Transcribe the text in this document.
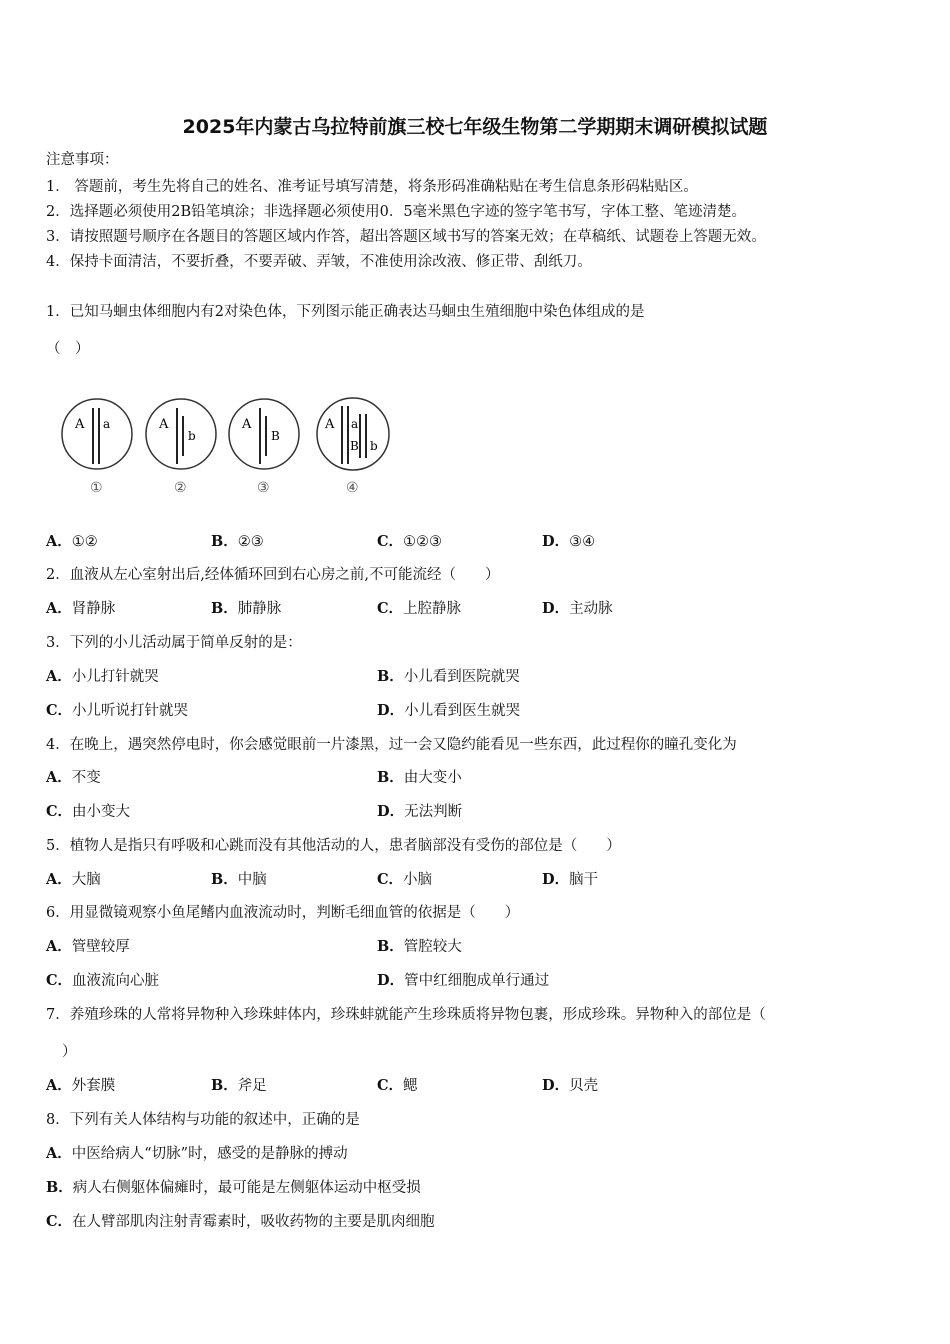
2025年内蒙古乌拉特前旗三校七年级生物第二学期期末调研模拟试题
注意事项：
1． 答题前，考生先将自己的姓名、准考证号填写清楚，将条形码准确粘贴在考生信息条形码粘贴区。
2．选择题必须使用2B铅笔填涂；非选择题必须使用0．5毫米黑色字迹的签字笔书写，字体工整、笔迹清楚。
3．请按照题号顺序在各题目的答题区域内作答，超出答题区域书写的答案无效；在草稿纸、试题卷上答题无效。
4．保持卡面清洁，不要折叠，不要弄破、弄皱，不准使用涂改液、修正带、刮纸刀。
1．已知马蛔虫体细胞内有2对染色体，下列图示能正确表达马蛔虫生殖细胞中染色体组成的是
（　）
A a
①
A
b
②
A
B
③
A a
B b
④
A．①②	B．②③	C．①②③	D．③④
2．血液从左心室射出后,经体循环回到右心房之前,不可能流经（　　）
A．肾静脉	B．肺静脉	C．上腔静脉	D．主动脉
3．下列的小儿活动属于简单反射的是：
A．小儿打针就哭	B．小儿看到医院就哭
C．小儿听说打针就哭	D．小儿看到医生就哭
4．在晚上，遇突然停电时，你会感觉眼前一片漆黑，过一会又隐约能看见一些东西，此过程你的瞳孔变化为
A．不变	B．由大变小
C．由小变大	D．无法判断
5．植物人是指只有呼吸和心跳而没有其他活动的人，患者脑部没有受伤的部位是（　　）
A．大脑	B．中脑	C．小脑	D．脑干
6．用显微镜观察小鱼尾鳍内血液流动时，判断毛细血管的依据是（　　）
A．管壁较厚	B．管腔较大
C．血液流向心脏	D．管中红细胞成单行通过
7．养殖珍珠的人常将异物种入珍珠蚌体内，珍珠蚌就能产生珍珠质将异物包裹，形成珍珠。异物种入的部位是（
）
A．外套膜	B．斧足	C．鳃	D．贝壳
8．下列有关人体结构与功能的叙述中，正确的是
A．中医给病人“切脉”时，感受的是静脉的搏动
B．病人右侧躯体偏瘫时，最可能是左侧躯体运动中枢受损
C．在人臂部肌肉注射青霉素时，吸收药物的主要是肌肉细胞
